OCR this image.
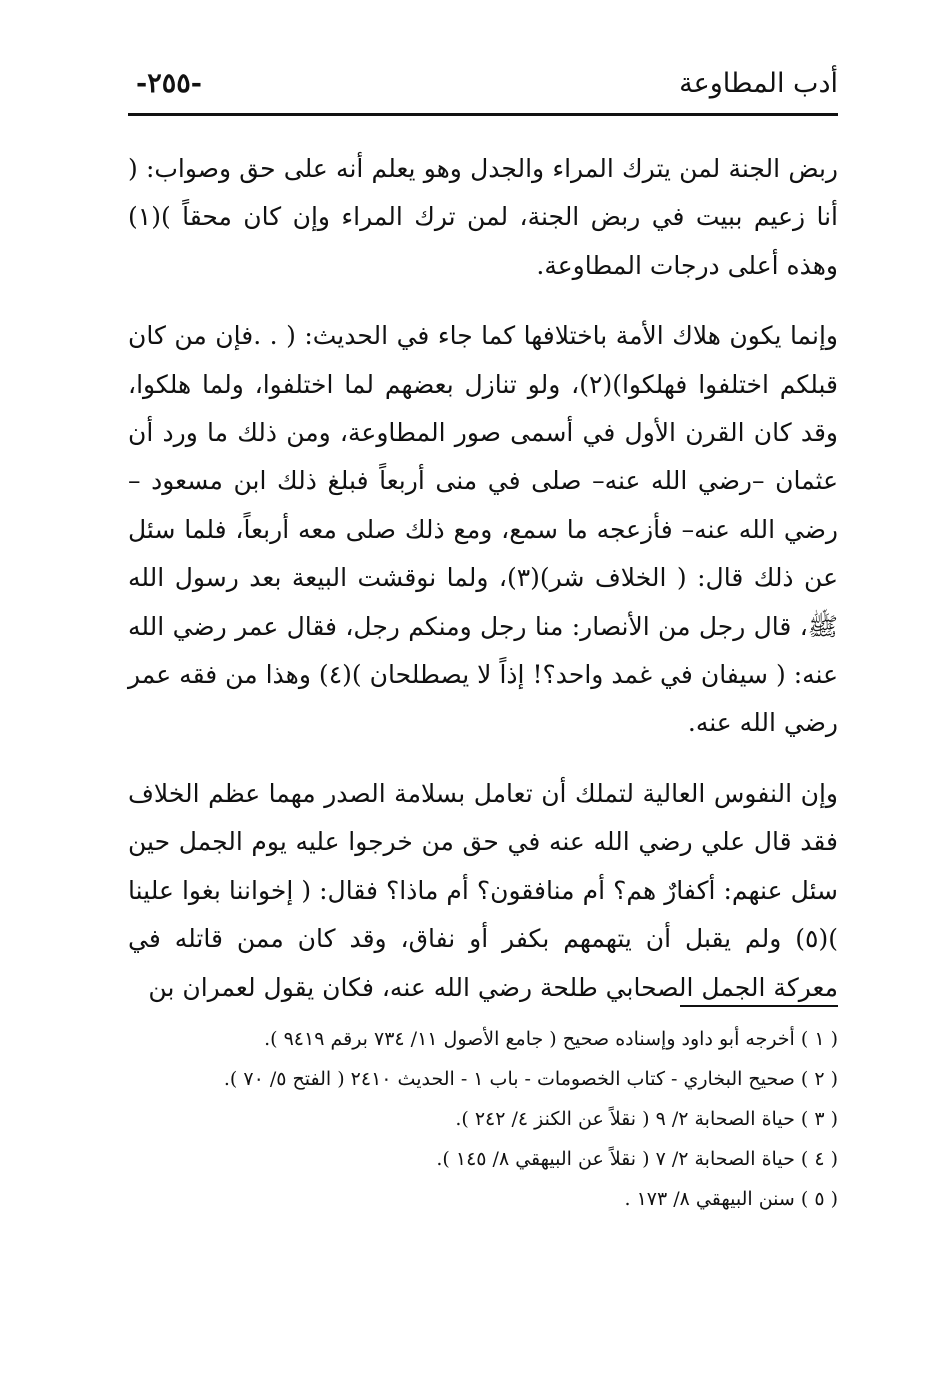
-٢٥٥-	أدب المطاوعة

ربض الجنة لمن يترك المراء والجدل وهو يعلم أنه على حق وصواب: ( أنا زعيم ببيت في ربض الجنة، لمن ترك المراء وإن كان محقاً )(١) وهذه أعلى درجات المطاوعة.

وإنما يكون هلاك الأمة باختلافها كما جاء في الحديث: ( . .فإن من كان قبلكم اختلفوا فهلكوا)(٢)، ولو تنازل بعضهم لما اختلفوا، ولما هلكوا، وقد كان القرن الأول في أسمى صور المطاوعة، ومن ذلك ما ورد أن عثمان –رضي الله عنه– صلى في منى أربعاً فبلغ ذلك ابن مسعود –رضي الله عنه– فأزعجه ما سمع، ومع ذلك صلى معه أربعاً، فلما سئل عن ذلك قال: ( الخلاف شر)(٣)، ولما نوقشت البيعة بعد رسول الله ﷺ، قال رجل من الأنصار: منا رجل ومنكم رجل، فقال عمر رضي الله عنه: ( سيفان في غمد واحد؟! إذاً لا يصطلحان )(٤) وهذا من فقه عمر رضي الله عنه.

وإن النفوس العالية لتملك أن تعامل بسلامة الصدر مهما عظم الخلاف فقد قال علي رضي الله عنه في حق من خرجوا عليه يوم الجمل حين سئل عنهم: أكفارٌ هم؟ أم منافقون؟ أم ماذا؟ فقال: ( إخواننا بغوا علينا )(٥) ولم يقبل أن يتهمهم بكفر أو نفاق، وقد كان ممن قاتله في معركة الجمل الصحابي طلحة رضي الله عنه، فكان يقول لعمران بن

( ١ ) أخرجه أبو داود وإسناده صحيح ( جامع الأصول ١١/ ٧٣٤ برقم ٩٤١٩ ).

( ٢ ) صحيح البخاري - كتاب الخصومات - باب ١ - الحديث ٢٤١٠ ( الفتح ٥/ ٧٠ ).

( ٣ ) حياة الصحابة ٢/ ٩ ( نقلاً عن الكنز ٤/ ٢٤٢ ).

( ٤ ) حياة الصحابة ٢/ ٧ ( نقلاً عن البيهقي ٨/ ١٤٥ ).

( ٥ ) سنن البيهقي ٨/ ١٧٣ .
